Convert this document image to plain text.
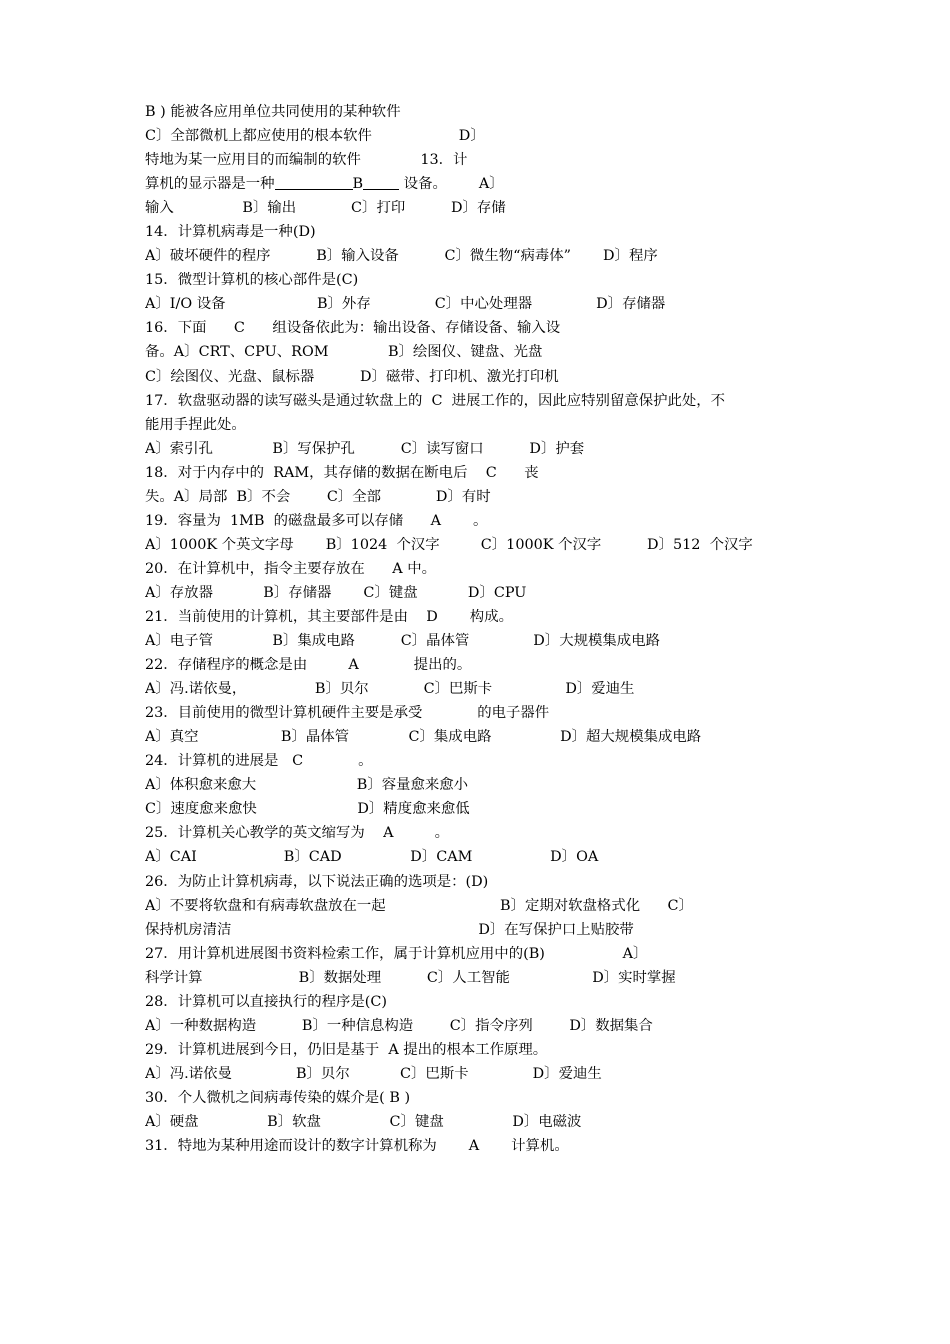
B ) 能被各应用单位共同使用的某种软件
C〕全部微机上都应使用的根本软件                   D〕
特地为某一应用目的而编制的软件             13．计
算机的显示器是一种	B	设备。       A〕
输入               B〕输出            C〕打印          D〕存储
14．计算机病毒是一种(D)
A〕破坏硬件的程序          B〕输入设备          C〕微生物“病毒体”       D〕程序
15．微型计算机的核心部件是(C)
A〕I/O 设备                    B〕外存              C〕中心处理器              D〕存储器
16．下面      C      组设备依此为：输出设备、存储设备、输入设
备。A〕CRT、CPU、ROM             B〕绘图仪、键盘、光盘
C〕绘图仪、光盘、鼠标器          D〕磁带、打印机、激光打印机
17．软盘驱动器的读写磁头是通过软盘上的  C  进展工作的，因此应特别留意保护此处，不
能用手捏此处。
A〕索引孔             B〕写保护孔          C〕读写窗口          D〕护套
18．对于内存中的  RAM，其存储的数据在断电后    C      丧
失。A〕局部  B〕不会        C〕全部            D〕有时
19．容量为  1MB  的磁盘最多可以存储      A       。
A〕1000K 个英文字母       B〕1024  个汉字         C〕1000K 个汉字          D〕512  个汉字
20．在计算机中，指令主要存放在      A 中。
A〕存放器           B〕存储器       C〕键盘           D〕CPU
21．当前使用的计算机，其主要部件是由    D       构成。
A〕电子管             B〕集成电路          C〕晶体管              D〕大规模集成电路
22．存储程序的概念是由         A            提出的。
A〕冯.诺依曼，               B〕贝尔            C〕巴斯卡                D〕爱迪生
23．目前使用的微型计算机硬件主要是承受            的电子器件
A〕真空                  B〕晶体管             C〕集成电路               D〕超大规模集成电路
24．计算机的进展是   C            。
A〕体积愈来愈大                      B〕容量愈来愈小
C〕速度愈来愈快                      D〕精度愈来愈低
25．计算机关心教学的英文缩写为    A         。
A〕CAI                   B〕CAD               D〕CAM                 D〕OA
26．为防止计算机病毒，以下说法正确的选项是：(D)
A〕不要将软盘和有病毒软盘放在一起                         B〕定期对软盘格式化      C〕
保持机房清洁                                                      D〕在写保护口上贴胶带
27．用计算机进展图书资料检索工作，属于计算机应用中的(B)                 A〕
科学计算                     B〕数据处理          C〕人工智能                  D〕实时掌握
28．计算机可以直接执行的程序是(C)
A〕一种数据构造          B〕一种信息构造        C〕指令序列        D〕数据集合
29．计算机进展到今日，仍旧是基于  A 提出的根本工作原理。
A〕冯.诺依曼              B〕贝尔           C〕巴斯卡              D〕爱迪生
30．个人微机之间病毒传染的媒介是( B )
A〕硬盘               B〕软盘               C〕键盘               D〕电磁波
31．特地为某种用途而设计的数字计算机称为       A       计算机。
